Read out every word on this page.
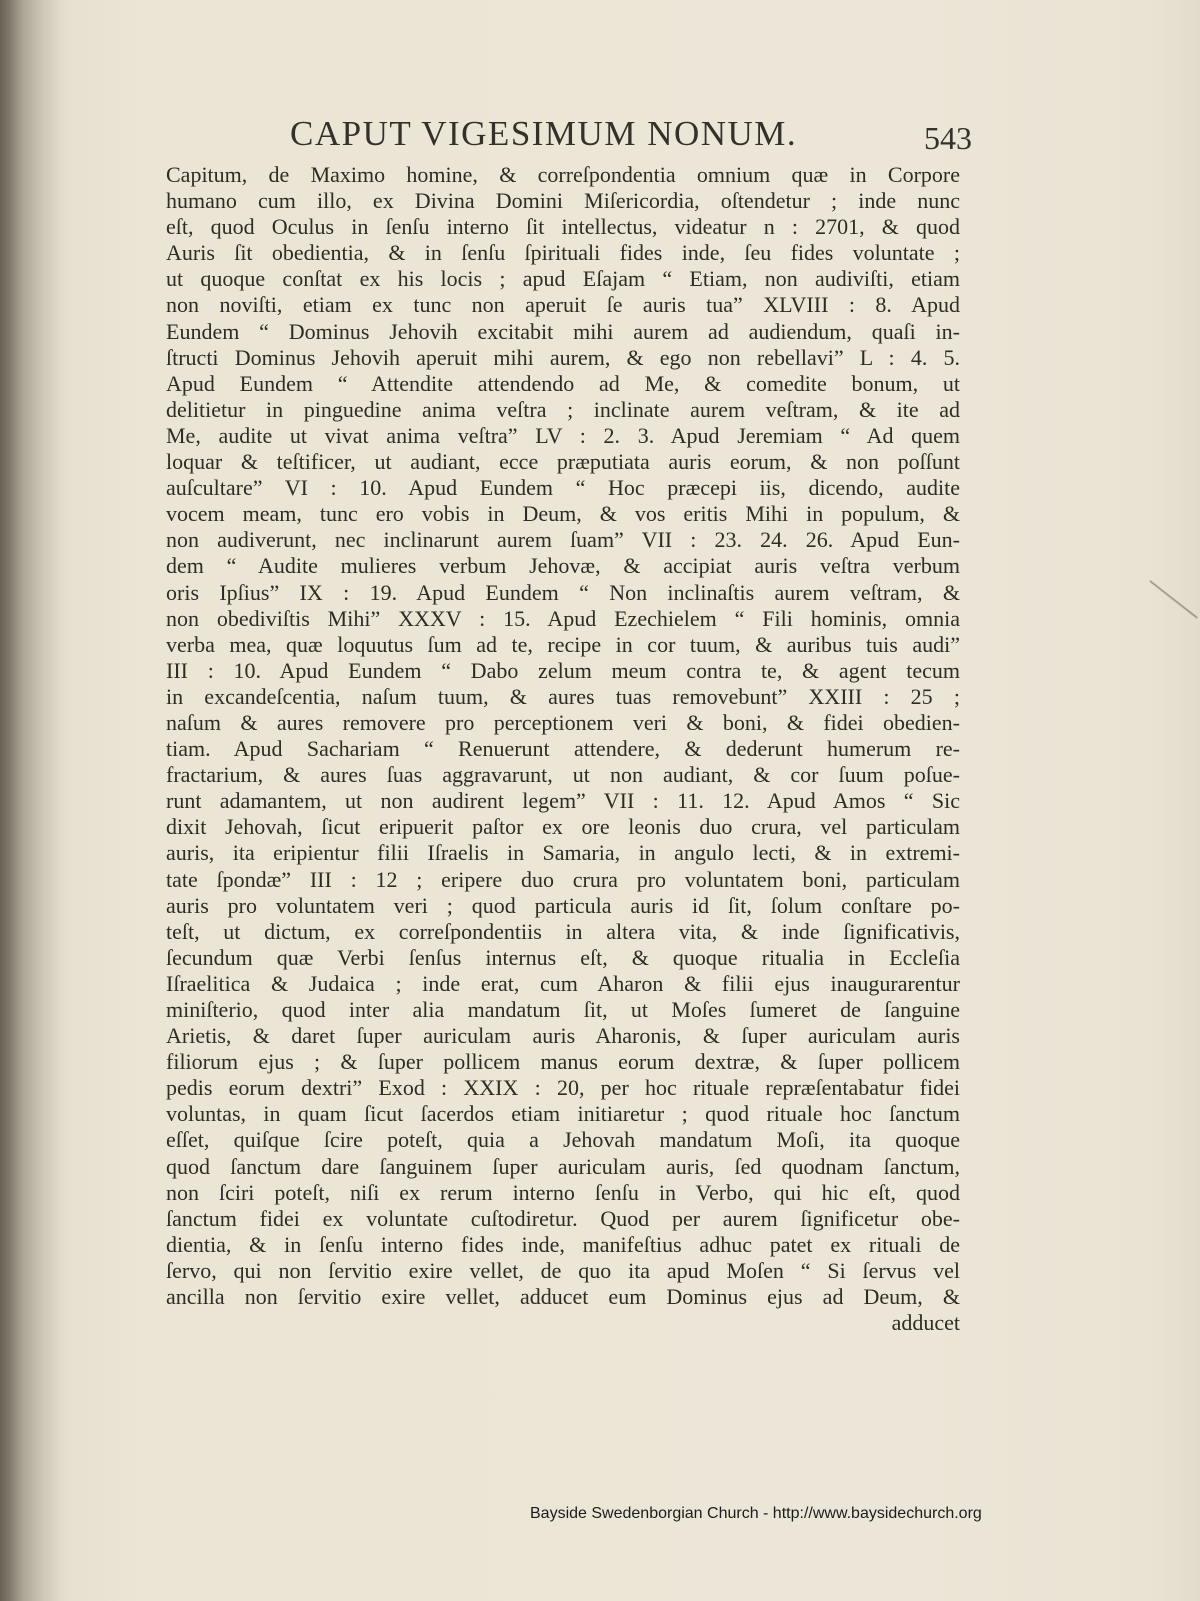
CAPUT VIGESIMUM NONUM.	543
Capitum, de Maximo homine, & correſpondentia omnium quæ in Corpore
humano cum illo, ex Divina Domini Miſericordia, oſtendetur ; inde nunc
eſt, quod Oculus in ſenſu interno ſit intellectus, videatur n : 2701, & quod
Auris ſit obedientia, & in ſenſu ſpirituali fides inde, ſeu fides voluntate ;
ut quoque conſtat ex his locis ; apud Eſajam “ Etiam, non audiviſti, etiam
non noviſti, etiam ex tunc non aperuit ſe auris tua” XLVIII : 8. Apud
Eundem “ Dominus Jehovih excitabit mihi aurem ad audiendum, quaſi in-
ſtructi Dominus Jehovih aperuit mihi aurem, & ego non rebellavi” L : 4. 5.
Apud Eundem “ Attendite attendendo ad Me, & comedite bonum, ut
delitietur in pinguedine anima veſtra ; inclinate aurem veſtram, & ite ad
Me, audite ut vivat anima veſtra” LV : 2. 3. Apud Jeremiam “ Ad quem
loquar & teſtificer, ut audiant, ecce præputiata auris eorum, & non poſſunt
auſcultare” VI : 10. Apud Eundem “ Hoc præcepi iis, dicendo, audite
vocem meam, tunc ero vobis in Deum, & vos eritis Mihi in populum, &
non audiverunt, nec inclinarunt aurem ſuam” VII : 23. 24. 26. Apud Eun-
dem “ Audite mulieres verbum Jehovæ, & accipiat auris veſtra verbum
oris Ipſius” IX : 19. Apud Eundem “ Non inclinaſtis aurem veſtram, &
non obediviſtis Mihi” XXXV : 15. Apud Ezechielem “ Fili hominis, omnia
verba mea, quæ loquutus ſum ad te, recipe in cor tuum, & auribus tuis audi”
III : 10. Apud Eundem “ Dabo zelum meum contra te, & agent tecum
in excandeſcentia, naſum tuum, & aures tuas removebunt” XXIII : 25 ;
naſum & aures removere pro perceptionem veri & boni, & fidei obedien-
tiam. Apud Sachariam “ Renuerunt attendere, & dederunt humerum re-
fractarium, & aures ſuas aggravarunt, ut non audiant, & cor ſuum poſue-
runt adamantem, ut non audirent legem” VII : 11. 12. Apud Amos “ Sic
dixit Jehovah, ſicut eripuerit paſtor ex ore leonis duo crura, vel particulam
auris, ita eripientur filii Iſraelis in Samaria, in angulo lecti, & in extremi-
tate ſpondæ” III : 12 ; eripere duo crura pro voluntatem boni, particulam
auris pro voluntatem veri ; quod particula auris id ſit, ſolum conſtare po-
teſt, ut dictum, ex correſpondentiis in altera vita, & inde ſignificativis,
ſecundum quæ Verbi ſenſus internus eſt, & quoque ritualia in Eccleſia
Iſraelitica & Judaica ; inde erat, cum Aharon & filii ejus inaugurarentur
miniſterio, quod inter alia mandatum ſit, ut Moſes ſumeret de ſanguine
Arietis, & daret ſuper auriculam auris Aharonis, & ſuper auriculam auris
filiorum ejus ; & ſuper pollicem manus eorum dextræ, & ſuper pollicem
pedis eorum dextri” Exod : XXIX : 20, per hoc rituale repræſentabatur fidei
voluntas, in quam ſicut ſacerdos etiam initiaretur ; quod rituale hoc ſanctum
eſſet, quiſque ſcire poteſt, quia a Jehovah mandatum Moſi, ita quoque
quod ſanctum dare ſanguinem ſuper auriculam auris, ſed quodnam ſanctum,
non ſciri poteſt, niſi ex rerum interno ſenſu in Verbo, qui hic eſt, quod
ſanctum fidei ex voluntate cuſtodiretur. Quod per aurem ſignificetur obe-
dientia, & in ſenſu interno fides inde, manifeſtius adhuc patet ex rituali de
ſervo, qui non ſervitio exire vellet, de quo ita apud Moſen “ Si ſervus vel
ancilla non ſervitio exire vellet, adducet eum Dominus ejus ad Deum, &
adducet
Bayside Swedenborgian Church - http://www.baysidechurch.org
